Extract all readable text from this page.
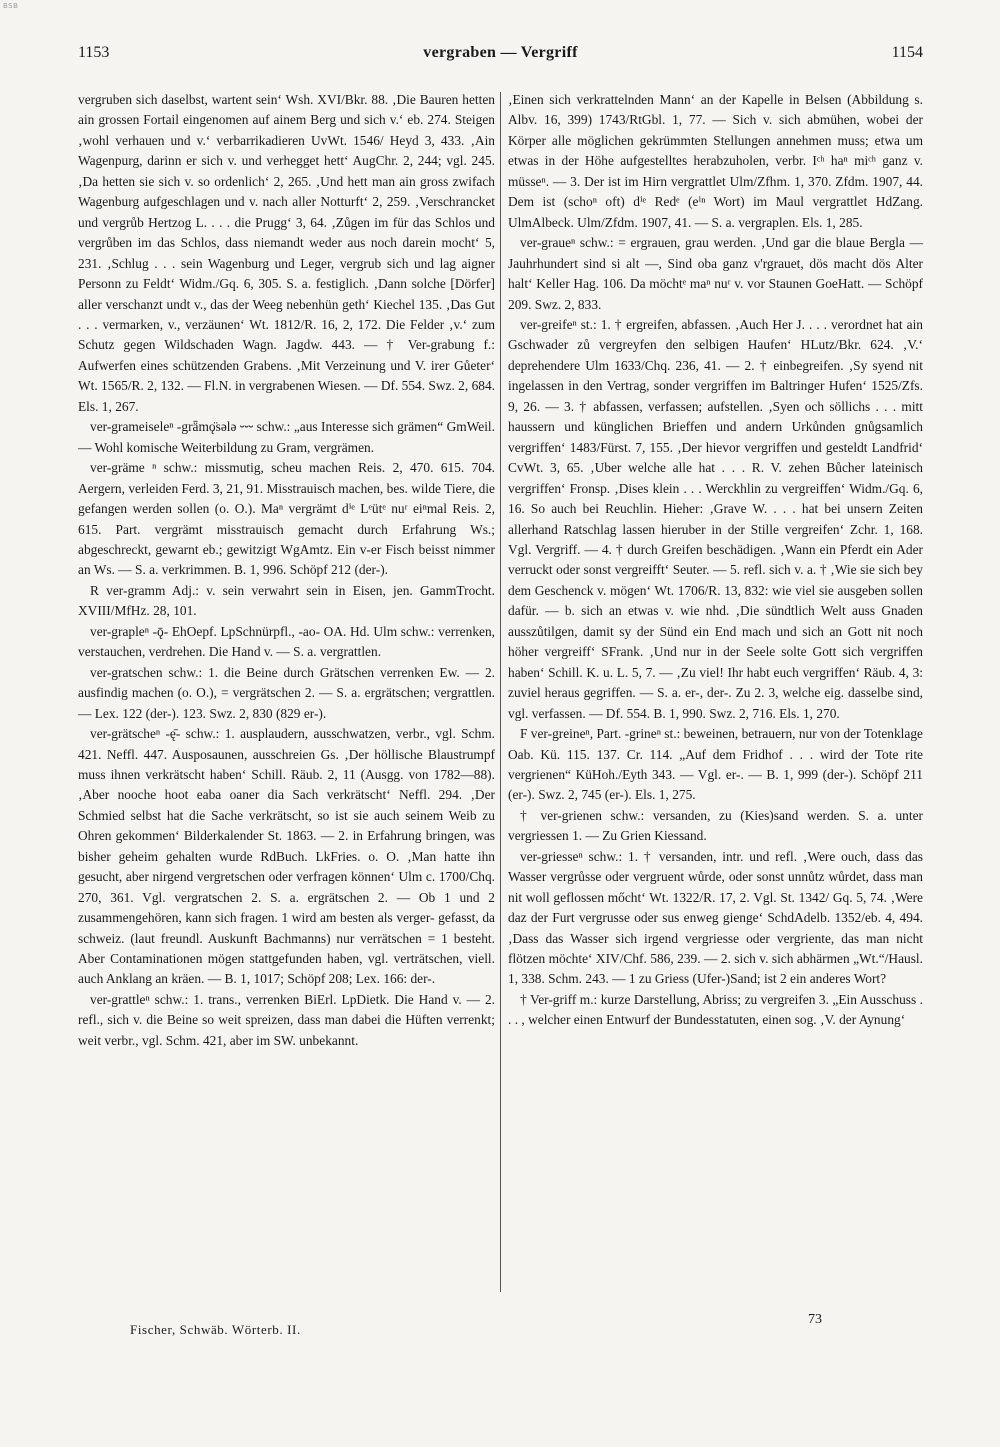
BSB
1153	vergraben — Vergriff	1154

vergruben sich daselbst, wartent sein‘ Wsh. XVI/Bkr. 88. ‚Die Bauren hetten ain grossen Fortail eingenomen auf ainem Berg und sich v.‘ eb. 274. Steigen ‚wohl verhauen und v.‘ verbarrikadieren UvWt. 1546/ Heyd 3, 433. ‚Ain Wagenpurg, darinn er sich v. und verhegget hett‘ AugChr. 2, 244; vgl. 245. ‚Da hetten sie sich v. so ordenlich‘ 2, 265. ‚Und hett man ain gross zwifach Wagenburg aufgeschlagen und v. nach aller Notturft‘ 2, 259. ‚Verschrancket und vergrůb Hertzog L. . . . die Prugg‘ 3, 64. ‚Zůgen im für das Schlos und vergrůben im das Schlos, dass niemandt weder aus noch darein mocht‘ 5, 231. ‚Schlug . . . sein Wagenburg und Leger, vergrub sich und lag aigner Personn zu Feldt‘ Widm./Gq. 6, 305. S. a. festiglich. ‚Dann solche [Dörfer] aller verschanzt undt v., das der Weeg nebenhün geth‘ Kiechel 135. ‚Das Gut . . . vermarken, v., verzäunen‘ Wt. 1812/R. 16, 2, 172. Die Felder ‚v.‘ zum Schutz gegen Wildschaden Wagn. Jagdw. 443. — † Ver-grabung f.: Aufwerfen eines schützenden Grabens. ‚Mit Verzeinung und V. irer Gůeter‘ Wt. 1565/R. 2, 132. — Fl.N. in vergrabenen Wiesen. — Df. 554. Swz. 2, 684. Els. 1, 267.

ver-grameiseleⁿ -grǟmǫ̈səlǝ ⏑⏑⏑ schw.: „aus Interesse sich grämen“ GmWeil. — Wohl komische Weiterbildung zu Gram, vergrämen.

ver-gräme ⁿ schw.: missmutig, scheu machen Reis. 2, 470. 615. 704. Aergern, verleiden Ferd. 3, 21, 91. Misstrauisch machen, bes. wilde Tiere, die gefangen werden sollen (o. O.). Maⁿ vergrämt dⁱᵉ Lᵉütᵉ nuʳ eiⁿmal Reis. 2, 615. Part. vergrämt misstrauisch gemacht durch Erfahrung Ws.; abgeschreckt, gewarnt eb.; gewitzigt WgAmtz. Ein v-er Fisch beisst nimmer an Ws. — S. a. verkrimmen. B. 1, 996. Schöpf 212 (der-).

R ver-gramm Adj.: v. sein verwahrt sein in Eisen, jen. GammTrocht. XVIII/MfHz. 28, 101.

ver-grapleⁿ -ǭ- EhOepf. LpSchnürpfl., -ao- OA. Hd. Ulm schw.: verrenken, verstauchen, verdrehen. Die Hand v. — S. a. vergrattlen.

ver-gratschen schw.: 1. die Beine durch Grätschen verrenken Ew. — 2. ausfindig machen (o. O.), = vergrätschen 2. — S. a. ergrätschen; vergrattlen. — Lex. 122 (der-). 123. Swz. 2, 830 (829 er-).

ver-grätscheⁿ -ę̄- schw.: 1. ausplaudern, ausschwatzen, verbr., vgl. Schm. 421. Neffl. 447. Ausposaunen, ausschreien Gs. ‚Der höllische Blaustrumpf muss ihnen verkrätscht haben‘ Schill. Räub. 2, 11 (Ausgg. von 1782—88). ‚Aber nooche hoot eaba oaner dia Sach verkrätscht‘ Neffl. 294. ‚Der Schmied selbst hat die Sache verkrätscht, so ist sie auch seinem Weib zu Ohren gekommen‘ Bilderkalender St. 1863. — 2. in Erfahrung bringen, was bisher geheim gehalten wurde RdBuch. LkFries. o. O. ‚Man hatte ihn gesucht, aber nirgend vergretschen oder verfragen können‘ Ulm c. 1700/Chq. 270, 361. Vgl. vergratschen 2. S. a. ergrätschen 2. — Ob 1 und 2 zusammengehören, kann sich fragen. 1 wird am besten als verger- gefasst, da schweiz. (laut freundl. Auskunft Bachmanns) nur verrätschen = 1 besteht. Aber Contaminationen mögen stattgefunden haben, vgl. verträtschen, viell. auch Anklang an kräen. — B. 1, 1017; Schöpf 208; Lex. 166: der-.

ver-grattleⁿ schw.: 1. trans., verrenken BiErl. LpDietk. Die Hand v. — 2. refl., sich v. die Beine so weit spreizen, dass man dabei die Hüften verrenkt; weit verbr., vgl. Schm. 421, aber im SW. unbekannt.

‚Einen sich verkrattelnden Mann‘ an der Kapelle in Belsen (Abbildung s. Albv. 16, 399) 1743/RtGbl. 1, 77. — Sich v. sich abmühen, wobei der Körper alle möglichen gekrümmten Stellungen annehmen muss; etwa um etwas in der Höhe aufgestelltes herabzuholen, verbr. Iᶜʰ haⁿ miᶜʰ ganz v. müsseⁿ. — 3. Der ist im Hirn vergrattlet Ulm/Zfhm. 1, 370. Zfdm. 1907, 44. Dem ist (schoⁿ oft) dⁱᵉ Redᵉ (eⁱⁿ Wort) im Maul vergrattlet HdZang. UlmAlbeck. Ulm/Zfdm. 1907, 41. — S. a. vergraplen. Els. 1, 285.

ver-graueⁿ schw.: = ergrauen, grau werden. ‚Und gar die blaue Bergla — Jauhrhundert sind si alt —, Sind oba ganz v'rgrauet, dös macht dös Alter halt‘ Keller Hag. 106. Da möchtᵉ maⁿ nuʳ v. vor Staunen GoeHatt. — Schöpf 209. Swz. 2, 833.

ver-greifeⁿ st.: 1. † ergreifen, abfassen. ‚Auch Her J. . . . verordnet hat ain Gschwader zů vergreyfen den selbigen Haufen‘ HLutz/Bkr. 624. ‚V.‘ deprehendere Ulm 1633/Chq. 236, 41. — 2. † einbegreifen. ‚Sy syend nit ingelassen in den Vertrag, sonder vergriffen im Baltringer Hufen‘ 1525/Zfs. 9, 26. — 3. † abfassen, verfassen; aufstellen. ‚Syen och söllichs . . . mitt haussern und künglichen Brieffen und andern Urkůnden gnůgsamlich vergriffen‘ 1483/Fürst. 7, 155. ‚Der hievor vergriffen und gesteldt Landfrid‘ CvWt. 3, 65. ‚Uber welche alle hat . . . R. V. zehen Bůcher lateinisch vergriffen‘ Fronsp. ‚Dises klein . . . Werckhlin zu vergreiffen‘ Widm./Gq. 6, 16. So auch bei Reuchlin. Hieher: ‚Grave W. . . . hat bei unsern Zeiten allerhand Ratschlag lassen hieruber in der Stille vergreifen‘ Zchr. 1, 168. Vgl. Vergriff. — 4. † durch Greifen beschädigen. ‚Wann ein Pferdt ein Ader verruckt oder sonst vergreifft‘ Seuter. — 5. refl. sich v. a. † ‚Wie sie sich bey dem Geschenck v. mögen‘ Wt. 1706/R. 13, 832: wie viel sie ausgeben sollen dafür. — b. sich an etwas v. wie nhd. ‚Die sündtlich Welt auss Gnaden ausszůtilgen, damit sy der Sünd ein End mach und sich an Gott nit noch höher vergreiff‘ SFrank. ‚Und nur in der Seele solte Gott sich vergriffen haben‘ Schill. K. u. L. 5, 7. — ‚Zu viel! Ihr habt euch vergriffen‘ Räub. 4, 3: zuviel heraus gegriffen. — S. a. er-, der-. Zu 2. 3, welche eig. dasselbe sind, vgl. verfassen. — Df. 554. B. 1, 990. Swz. 2, 716. Els. 1, 270.

F ver-greineⁿ, Part. -grineⁿ st.: beweinen, betrauern, nur von der Totenklage Oab. Kü. 115. 137. Cr. 114. „Auf dem Fridhof . . . wird der Tote rite vergrienen“ KüHoh./Eyth 343. — Vgl. er-. — B. 1, 999 (der-). Schöpf 211 (er-). Swz. 2, 745 (er-). Els. 1, 275.

† ver-grienen schw.: versanden, zu (Kies)sand werden. S. a. unter vergriessen 1. — Zu Grien Kiessand.

ver-griesseⁿ schw.: 1. † versanden, intr. und refl. ‚Were ouch, dass das Wasser vergrůsse oder vergruent wůrde, oder sonst unnůtz wůrdet, dass man nit woll geflossen mőcht‘ Wt. 1322/R. 17, 2. Vgl. St. 1342/ Gq. 5, 74. ‚Were daz der Furt vergrusse oder sus enweg gienge‘ SchdAdelb. 1352/eb. 4, 494. ‚Dass das Wasser sich irgend vergriesse oder vergriente, das man nicht flötzen möchte‘ XIV/Chf. 586, 239. — 2. sich v. sich abhärmen „Wt.“/Hausl. 1, 338. Schm. 243. — 1 zu Griess (Ufer-)Sand; ist 2 ein anderes Wort?

† Ver-griff m.: kurze Darstellung, Abriss; zu vergreifen 3. „Ein Ausschuss . . . , welcher einen Entwurf der Bundesstatuten, einen sog. ‚V. der Aynung‘

Fischer, Schwäb. Wörterb. II.
73
